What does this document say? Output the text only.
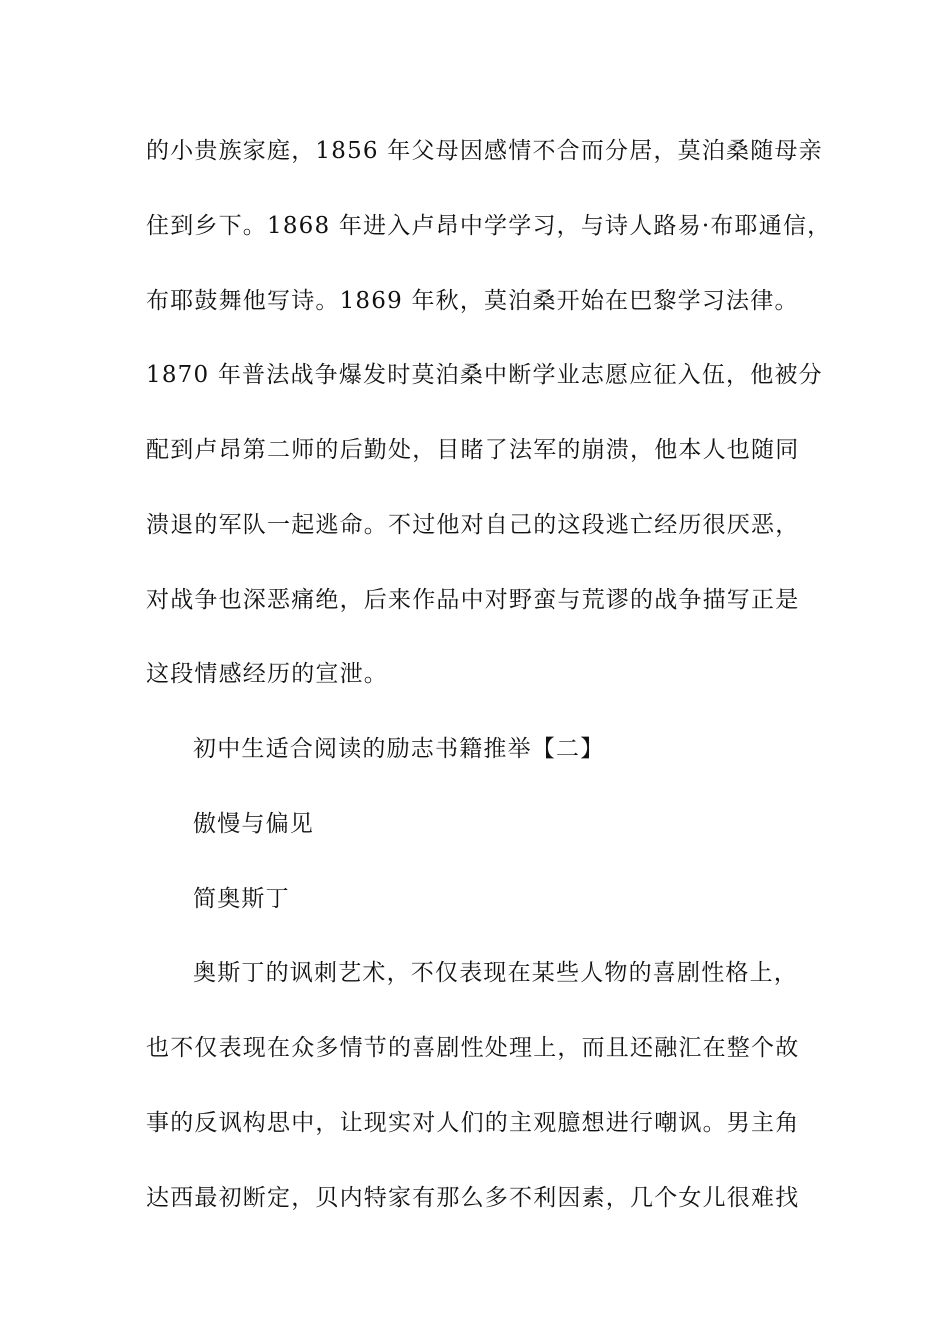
的小贵族家庭，1856 年父母因感情不合而分居，莫泊桑随母亲
住到乡下。1868 年进入卢昂中学学习，与诗人路易·布耶通信，
布耶鼓舞他写诗。1869 年秋，莫泊桑开始在巴黎学习法律。
1870 年普法战争爆发时莫泊桑中断学业志愿应征入伍，他被分
配到卢昂第二师的后勤处，目睹了法军的崩溃，他本人也随同
溃退的军队一起逃命。不过他对自己的这段逃亡经历很厌恶，
对战争也深恶痛绝，后来作品中对野蛮与荒谬的战争描写正是
这段情感经历的宣泄。
初中生适合阅读的励志书籍推举【二】
傲慢与偏见
简奥斯丁
奥斯丁的讽刺艺术，不仅表现在某些人物的喜剧性格上，
也不仅表现在众多情节的喜剧性处理上，而且还融汇在整个故
事的反讽构思中，让现实对人们的主观臆想进行嘲讽。男主角
达西最初断定，贝内特家有那么多不利因素，几个女儿很难找
